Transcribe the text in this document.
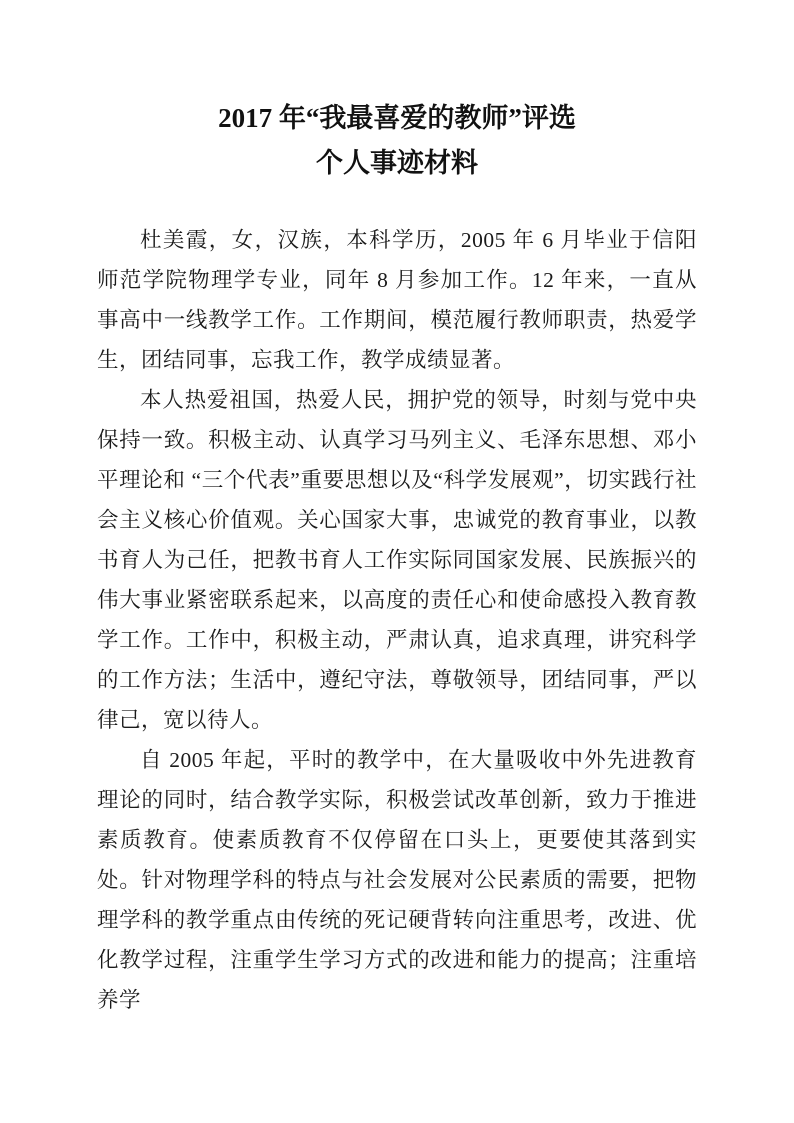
2017 年“我最喜爱的教师”评选
个人事迹材料

杜美霞，女，汉族，本科学历，2005 年 6 月毕业于信阳师范学院物理学专业，同年 8 月参加工作。12 年来，一直从事高中一线教学工作。工作期间，模范履行教师职责，热爱学生，团结同事，忘我工作，教学成绩显著。

本人热爱祖国，热爱人民，拥护党的领导，时刻与党中央保持一致。积极主动、认真学习马列主义、毛泽东思想、邓小平理论和 “三个代表”重要思想以及“科学发展观”，切实践行社会主义核心价值观。关心国家大事，忠诚党的教育事业，以教书育人为己任，把教书育人工作实际同国家发展、民族振兴的伟大事业紧密联系起来，以高度的责任心和使命感投入教育教学工作。工作中，积极主动，严肃认真，追求真理，讲究科学的工作方法；生活中，遵纪守法，尊敬领导，团结同事，严以律己，宽以待人。

自 2005 年起，平时的教学中，在大量吸收中外先进教育理论的同时，结合教学实际，积极尝试改革创新，致力于推进素质教育。使素质教育不仅停留在口头上，更要使其落到实处。针对物理学科的特点与社会发展对公民素质的需要，把物理学科的教学重点由传统的死记硬背转向注重思考，改进、优化教学过程，注重学生学习方式的改进和能力的提高；注重培养学
